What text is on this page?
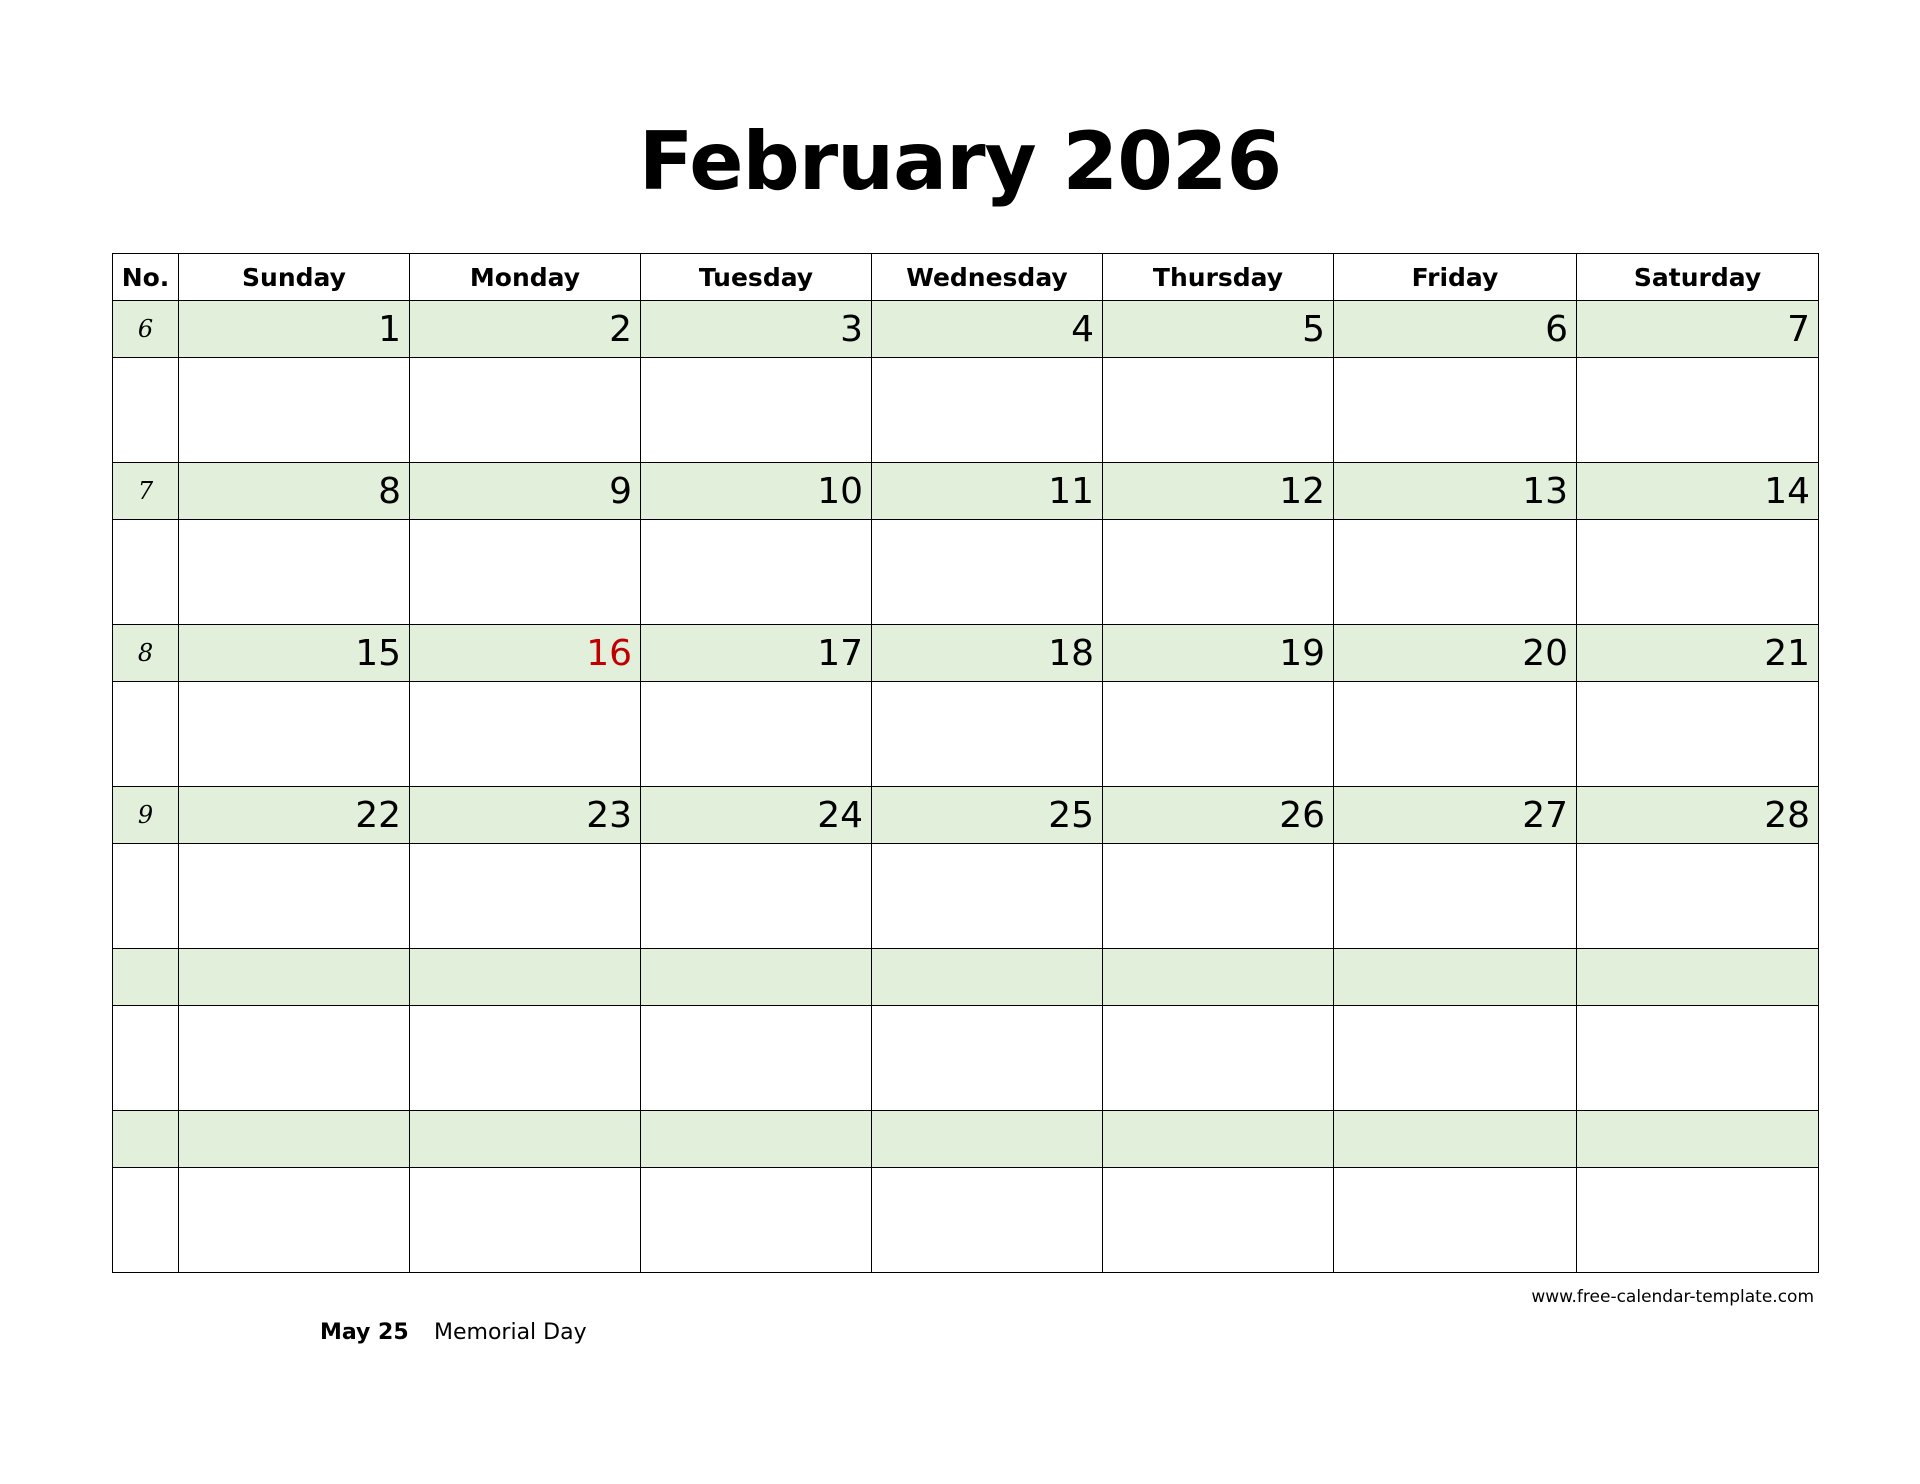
February 2026
No.	Sunday	Monday	Tuesday	Wednesday	Thursday	Friday	Saturday
6	1	2	3	4	5	6	7

7	8	9	10	11	12	13	14

8	15	16	17	18	19	20	21

9	22	23	24	25	26	27	28

www.free-calendar-template.com
May 25	Memorial Day
